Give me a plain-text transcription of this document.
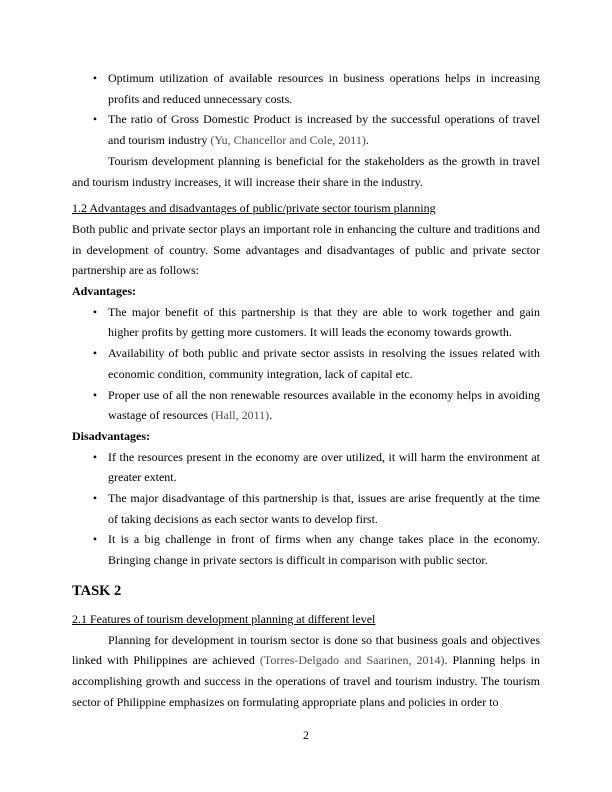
• Optimum utilization of available resources in business operations helps in increasing profits and reduced unnecessary costs.
• The ratio of Gross Domestic Product is increased by the successful operations of travel and tourism industry (Yu, Chancellor and Cole, 2011).

Tourism development planning is beneficial for the stakeholders as the growth in travel and tourism industry increases, it will increase their share in the industry.

1.2 Advantages and disadvantages of public/private sector tourism planning

Both public and private sector plays an important role in enhancing the culture and traditions and in development of country. Some advantages and disadvantages of public and private sector partnership are as follows:

Advantages:

• The major benefit of this partnership is that they are able to work together and gain higher profits by getting more customers. It will leads the economy towards growth.
• Availability of both public and private sector assists in resolving the issues related with economic condition, community integration, lack of capital etc.
• Proper use of all the non renewable resources available in the economy helps in avoiding wastage of resources (Hall, 2011).

Disadvantages:

• If the resources present in the economy are over utilized, it will harm the environment at greater extent.
• The major disadvantage of this partnership is that, issues are arise frequently at the time of taking decisions as each sector wants to develop first.
• It is a big challenge in front of firms when any change takes place in the economy. Bringing change in private sectors is difficult in comparison with public sector.

TASK 2

2.1 Features of tourism development planning at different level

Planning for development in tourism sector is done so that business goals and objectives linked with Philippines are achieved (Torres-Delgado and Saarinen, 2014). Planning helps in accomplishing growth and success in the operations of travel and tourism industry. The tourism sector of Philippine emphasizes on formulating appropriate plans and policies in order to

2
